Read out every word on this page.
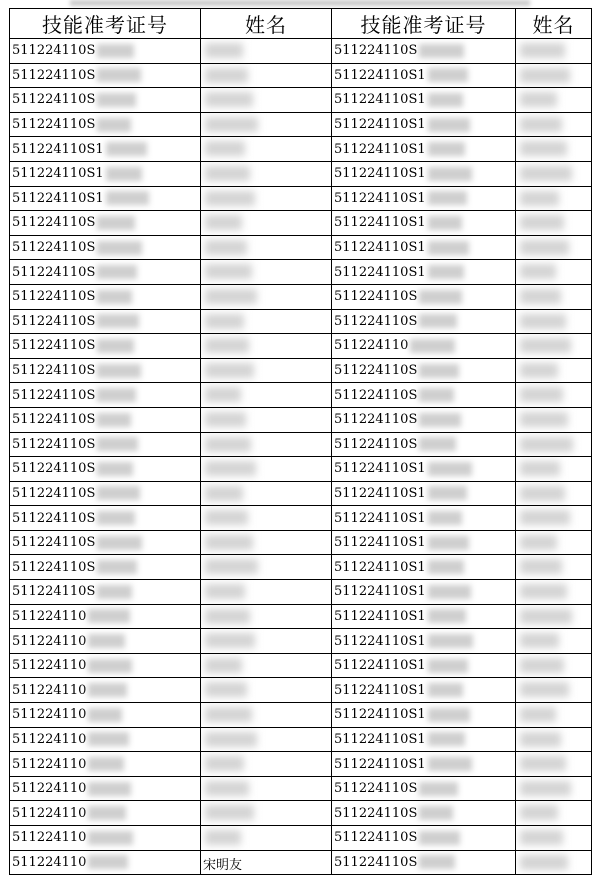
技能准考证号	姓名	技能准考证号	姓名
511224110S		511224110S	

511224110S		511224110S1	

511224110S		511224110S1	

511224110S		511224110S1	

511224110S1		511224110S1	

511224110S1		511224110S1	

511224110S1		511224110S1	

511224110S		511224110S1	

511224110S		511224110S1	

511224110S		511224110S1	

511224110S		511224110S	

511224110S		511224110S	

511224110S		511224110	

511224110S		511224110S	

511224110S		511224110S	

511224110S		511224110S	

511224110S		511224110S	

511224110S		511224110S1	

511224110S		511224110S1	

511224110S		511224110S1	

511224110S		511224110S1	

511224110S		511224110S1	

511224110S		511224110S1	

511224110		511224110S1	

511224110		511224110S1	

511224110		511224110S1	

511224110		511224110S1	

511224110		511224110S1	

511224110		511224110S1	

511224110		511224110S1	

511224110		511224110S	

511224110		511224110S	

511224110		511224110S	

511224110	宋明友	511224110S	
